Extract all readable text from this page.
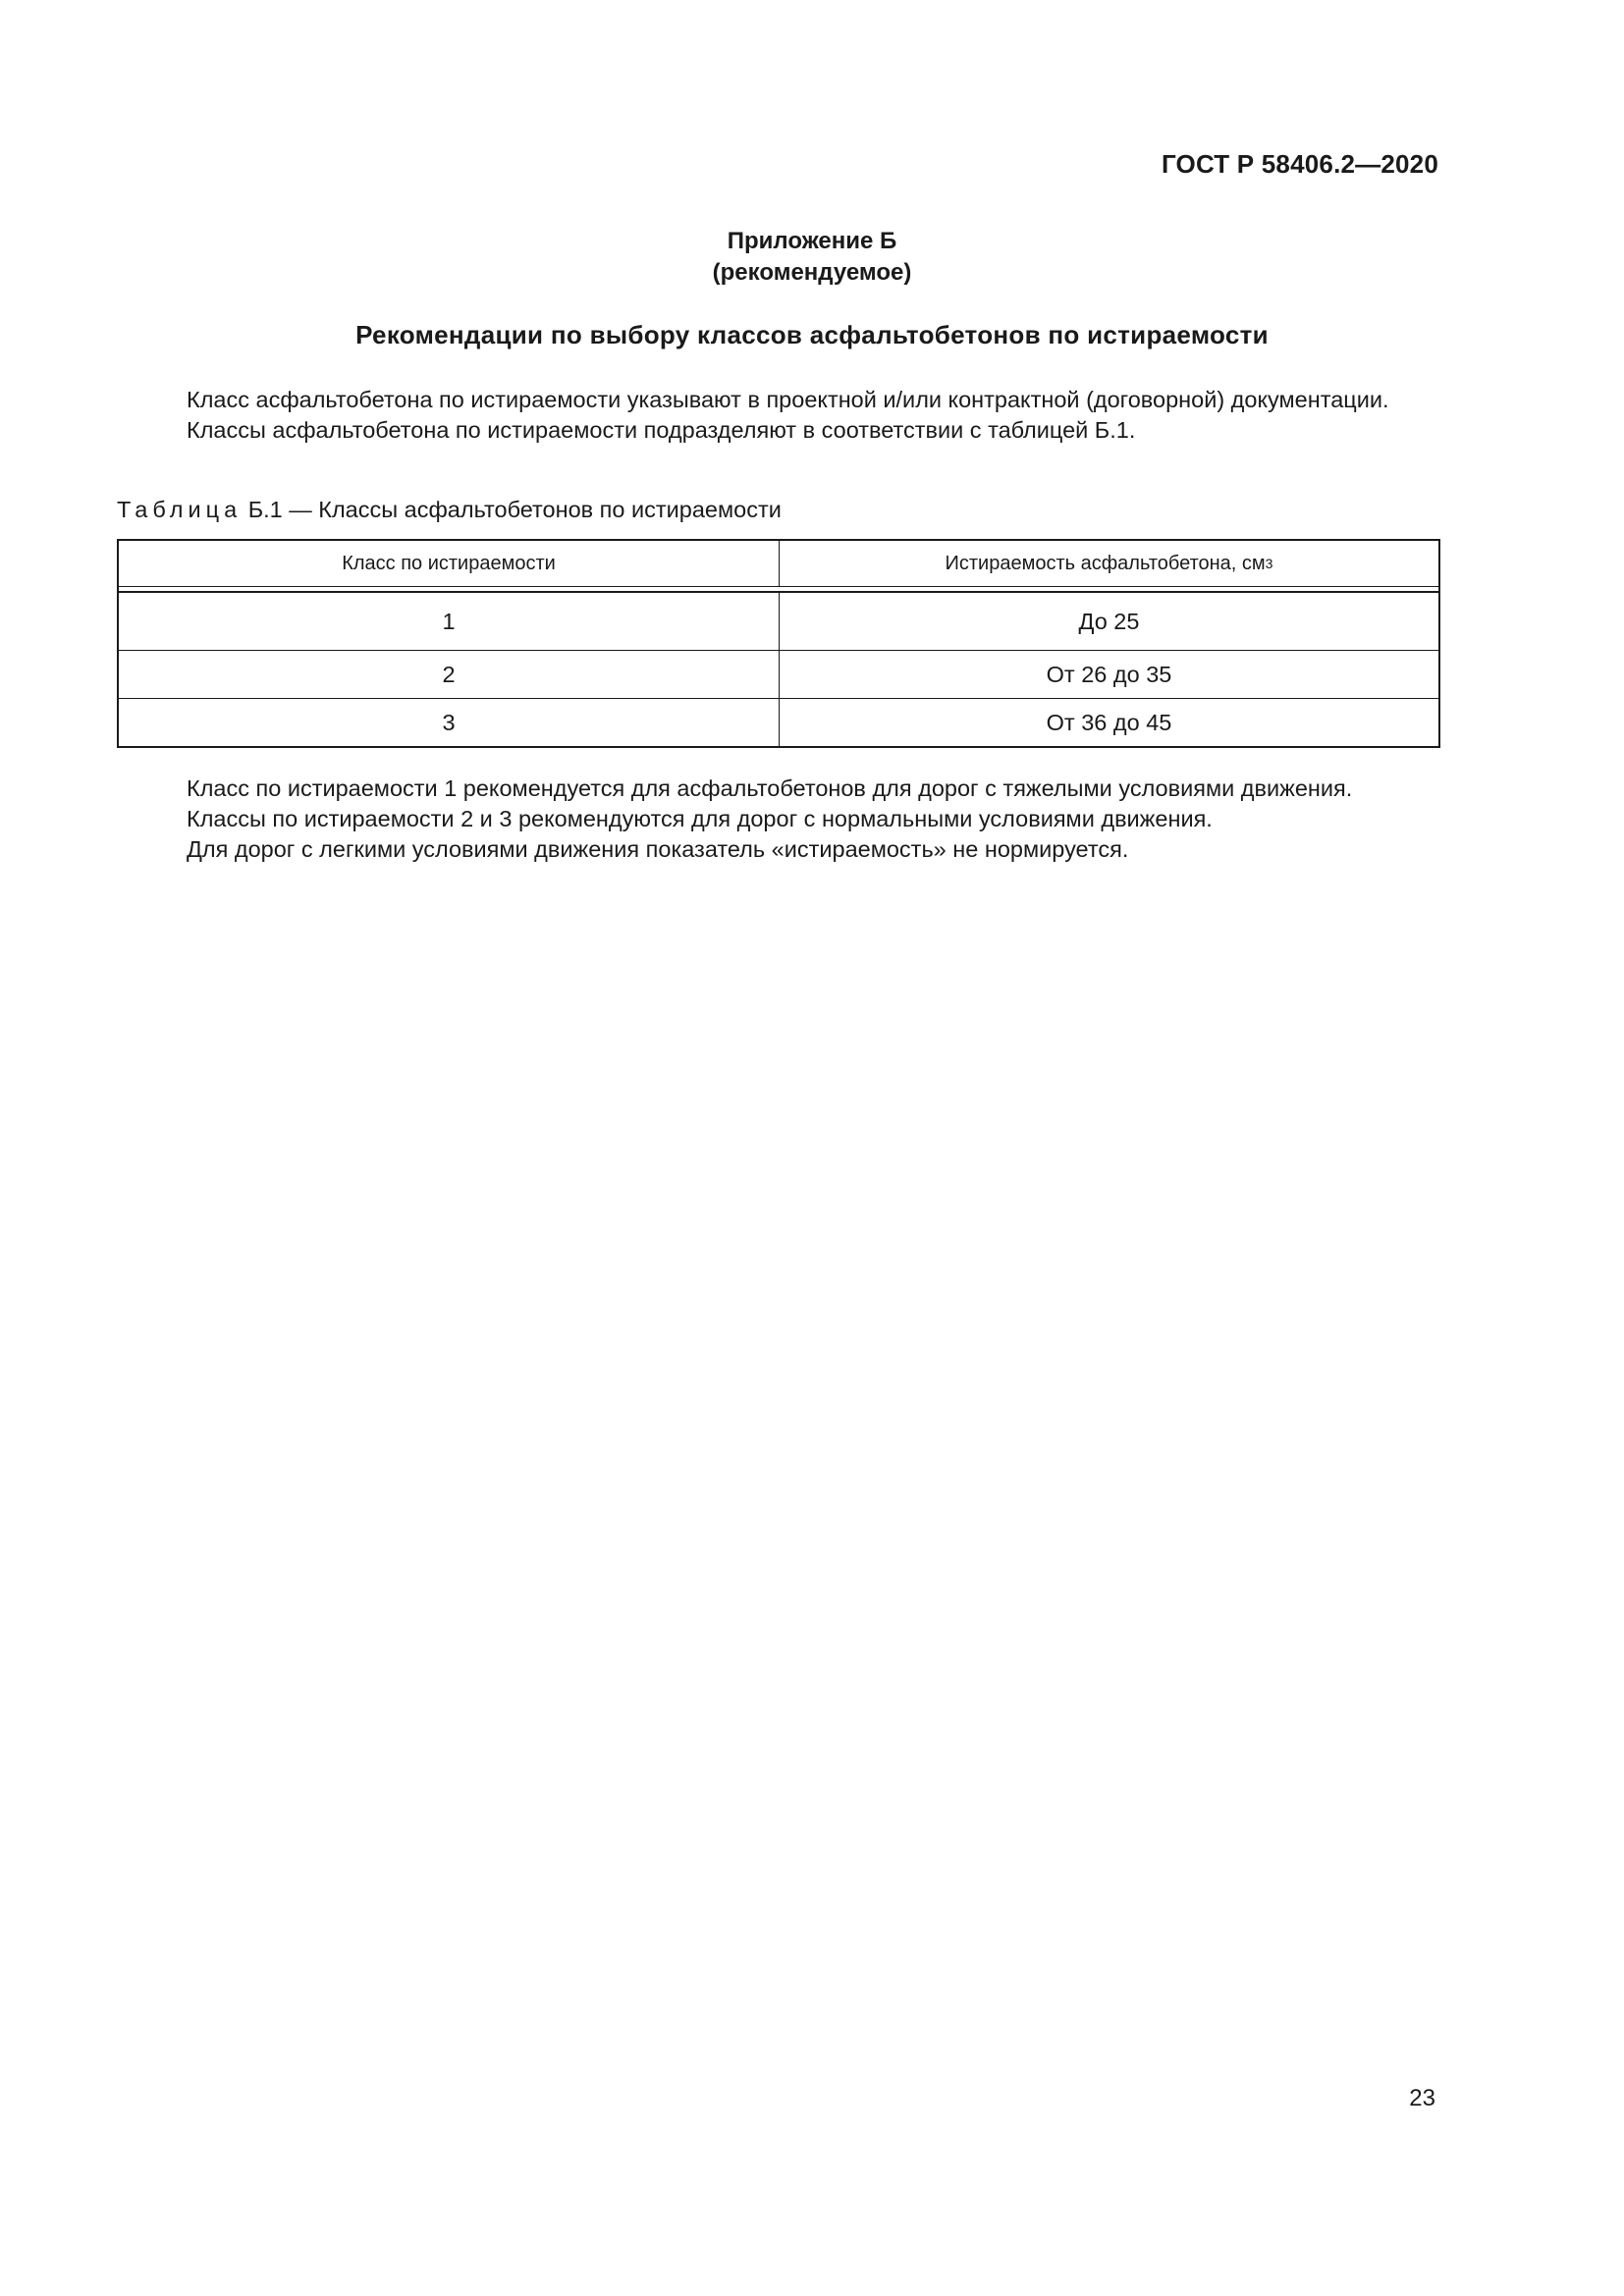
ГОСТ Р 58406.2—2020
Приложение Б
(рекомендуемое)
Рекомендации по выбору классов асфальтобетонов по истираемости

Класс асфальтобетона по истираемости указывают в проектной и/или контрактной (договорной) документации.

Классы асфальтобетона по истираемости подразделяют в соответствии с таблицей Б.1.

Таблица Б.1 — Классы асфальтобетонов по истираемости
Класс по истираемости	Истираемость асфальтобетона, см 3
1	До 25
2	От 26 до 35
3	От 36 до 45

Класс по истираемости 1 рекомендуется для асфальтобетонов для дорог с тяжелыми условиями движения.

Классы по истираемости 2 и 3 рекомендуются для дорог с нормальными условиями движения.

Для дорог с легкими условиями движения показатель «истираемость» не нормируется.

23
